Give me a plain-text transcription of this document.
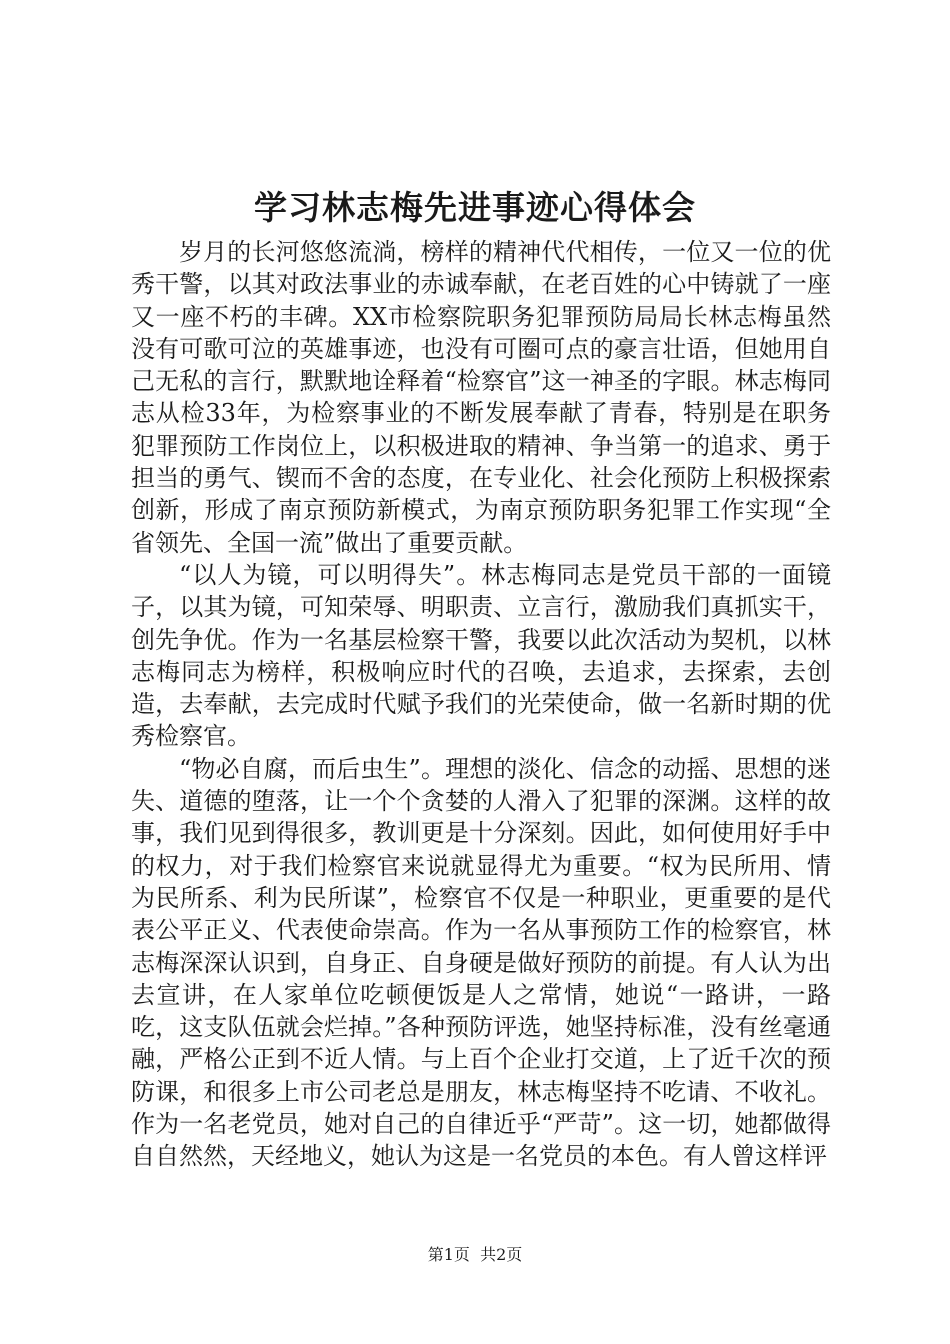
学习林志梅先进事迹心得体会

岁月的长河悠悠流淌，榜样的精神代代相传，一位又一位的优秀干警，以其对政法事业的赤诚奉献，在老百姓的心中铸就了一座又一座不朽的丰碑。XX市检察院职务犯罪预防局局长林志梅虽然没有可歌可泣的英雄事迹，也没有可圈可点的豪言壮语，但她用自己无私的言行，默默地诠释着“检察官”这一神圣的字眼。林志梅同志从检33年，为检察事业的不断发展奉献了青春，特别是在职务犯罪预防工作岗位上，以积极进取的精神、争当第一的追求、勇于担当的勇气、锲而不舍的态度，在专业化、社会化预防上积极探索创新，形成了南京预防新模式，为南京预防职务犯罪工作实现“全省领先、全国一流”做出了重要贡献。

“以人为镜，可以明得失”。林志梅同志是党员干部的一面镜子，以其为镜，可知荣辱、明职责、立言行，激励我们真抓实干，创先争优。作为一名基层检察干警，我要以此次活动为契机，以林志梅同志为榜样，积极响应时代的召唤，去追求，去探索，去创造，去奉献，去完成时代赋予我们的光荣使命，做一名新时期的优秀检察官。

“物必自腐，而后虫生”。理想的淡化、信念的动摇、思想的迷失、道德的堕落，让一个个贪婪的人滑入了犯罪的深渊。这样的故事，我们见到得很多，教训更是十分深刻。因此，如何使用好手中的权力，对于我们检察官来说就显得尤为重要。“权为民所用、情为民所系、利为民所谋”，检察官不仅是一种职业，更重要的是代表公平正义、代表使命崇高。作为一名从事预防工作的检察官，林志梅深深认识到，自身正、自身硬是做好预防的前提。有人认为出去宣讲，在人家单位吃顿便饭是人之常情，她说“一路讲，一路吃，这支队伍就会烂掉。”各种预防评选，她坚持标准，没有丝毫通融，严格公正到不近人情。与上百个企业打交道，上了近千次的预防课，和很多上市公司老总是朋友，林志梅坚持不吃请、不收礼。作为一名老党员，她对自己的自律近乎“严苛”。这一切，她都做得自自然然，天经地义，她认为这是一名党员的本色。有人曾这样评

第1页 共2页
